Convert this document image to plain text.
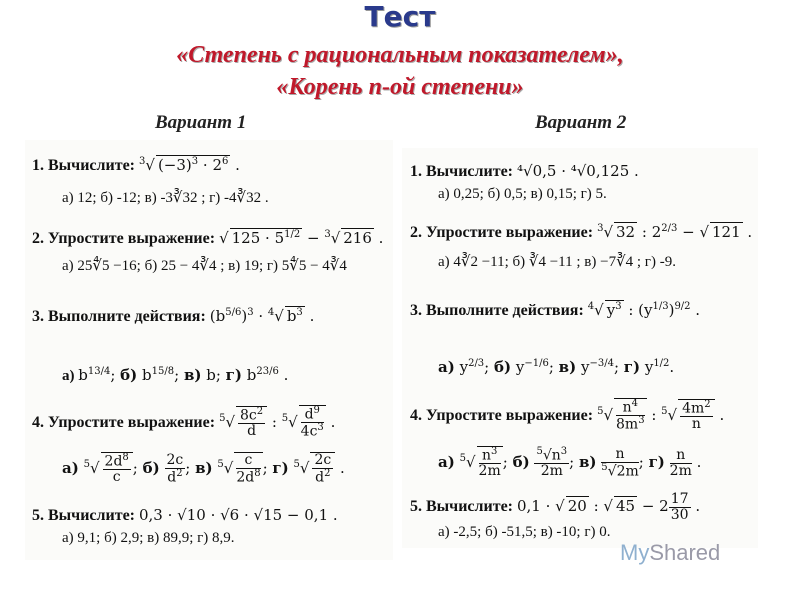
Тест
«Степень с рациональным показателем»,
«Корень n-ой степени»
Вариант 1	Вариант 2
1. Вычислите: $^3$√ $(-3)^3 \cdot 2^6$ .
а) 12; б) -12; в) -3∛32 ; г) -4∛32 .
2. Упростите выражение: √ $125 \cdot 5^{1/2} - ^3√$ 216 .
а) 25∜5 −16; б) 25 − 4∛4 ; в) 19; г) 5∜5 − 4∛4
3. Выполните действия: $(b^{5/6})^3 \cdot ^4√$ $b^3$ .
а) $b^{13/4}$; б) $b^{15/8}$; в) b; г) $b^{23/6}$ .
4. Упростите выражение: $^5√ \frac{8c^2}{d}$ : $^5√ \frac{d^9}{4c^3}$ .
а) $^5√ \frac{2d^8}{c}$ ; $б) \frac{2c}{d^2}$ ; в) $^5√ \frac{c}{2d^8}$ ; г) $^5√ \frac{2c}{d^2}$ .
5. Вычислите: 0,3 · √10 · √6 · √15 − 0,1 .
а) 9,1; б) 2,9; в) 89,9; г) 8,9.
1. Вычислите: ⁴√0,5 · ⁴√0,125 .
а) 0,25; б) 0,5; в) 0,15; г) 5.
2. Упростите выражение: $^3$√ 32 : $2^{2/3}$ − √ 121 .
а) 4∛2 −11; б) ∛4 −11 ; в) −7∛4 ; г) -9.
3. Выполните действия: $^4$√ $y^3$ : $(y^{1/3})^{9/2}$ .
а) $y^{2/3}$; б) $y^{-1/6}$; в) $y^{-3/4}$; г) $y^{1/2}$.
4. Упростите выражение: $^5√ \frac{n^4}{8m^3}$ : $^5√ \frac{4m^2}{n}$ .
а) $^5√ \frac{n^3}{2m}$ ; $б) \frac{^5√n^3}{2m}$ ; $в) \frac{n}{^5√2m}$ ; $г) \frac{n}{2m}$ .
5. Вычислите: 0,1 · √ 20 : √ $45 - 2 \frac{17}{30}$ .
а) -2,5; б) -51,5; в) -10; г) 0.
MyShared
